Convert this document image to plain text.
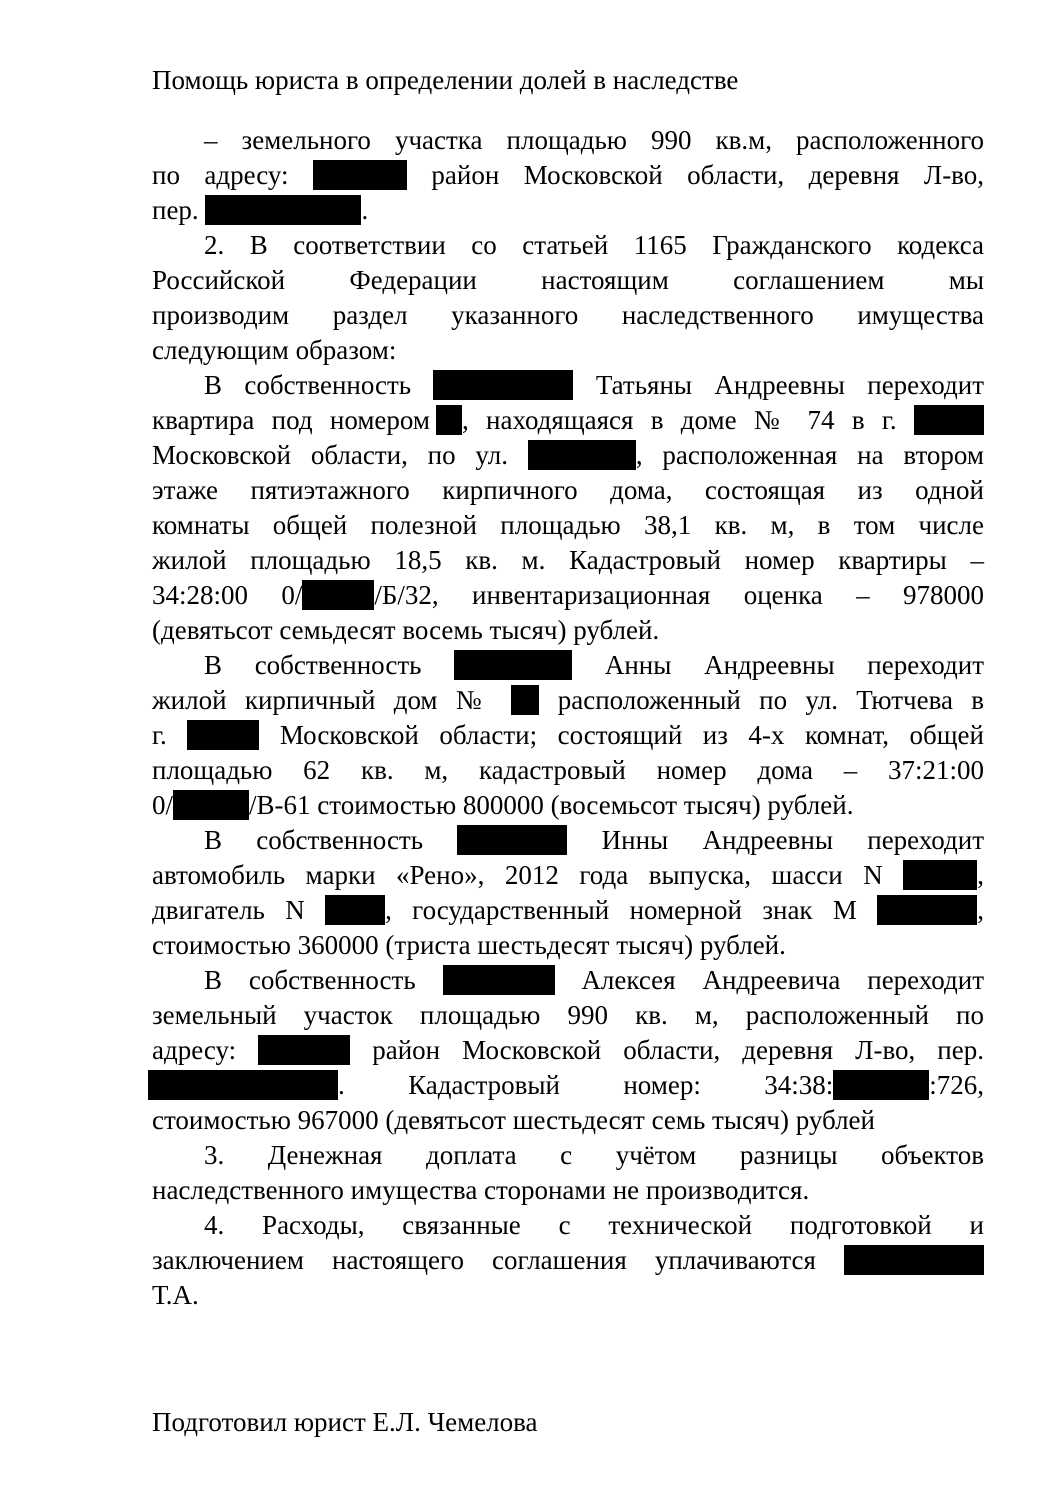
Помощь юриста в определении долей в наследстве
– земельного участка площадью 990 кв.м, расположенного
по адресу:	район Московской области, деревня Л-во,
пер.	.
2. В соответствии со статьей 1165 Гражданского кодекса
Российской Федерации настоящим соглашением мы
производим раздел указанного наследственного имущества
следующим образом:
В собственность	Татьяны Андреевны переходит
квартира под номером , находящаяся в доме № 74 в г.
Московской области, по ул.	, расположенная на втором
этаже пятиэтажного кирпичного дома, состоящая из одной
комнаты общей полезной площадью 38,1 кв. м, в том числе
жилой площадью 18,5 кв. м. Кадастровый номер квартиры –
34:28:00 0/	/Б/32, инвентаризационная оценка – 978000
(девятьсот семьдесят восемь тысяч) рублей.
В собственность	Анны Андреевны переходит
жилой кирпичный дом № расположенный по ул. Тютчева в
г.	Московской области; состоящий из 4-х комнат, общей
площадью 62 кв. м, кадастровый номер дома – 37:21:00
0/	/В-61 стоимостью 800000 (восемьсот тысяч) рублей.
В собственность	Инны Андреевны переходит
автомобиль марки «Рено», 2012 года выпуска, шасси N	,
двигатель N	, государственный номерной знак М	,
стоимостью 360000 (триста шестьдесят тысяч) рублей.
В собственность	Алексея Андреевича переходит
земельный участок площадью 990 кв. м, расположенный по
адресу:	район Московской области, деревня Л-во, пер.
. Кадастровый номер: 34:38:	:726,
стоимостью 967000 (девятьсот шестьдесят семь тысяч) рублей
3. Денежная доплата с учётом разницы объектов
наследственного имущества сторонами не производится.
4. Расходы, связанные с технической подготовкой и
заключением настоящего соглашения уплачиваются
Т.А.
Подготовил юрист Е.Л. Чемелова
